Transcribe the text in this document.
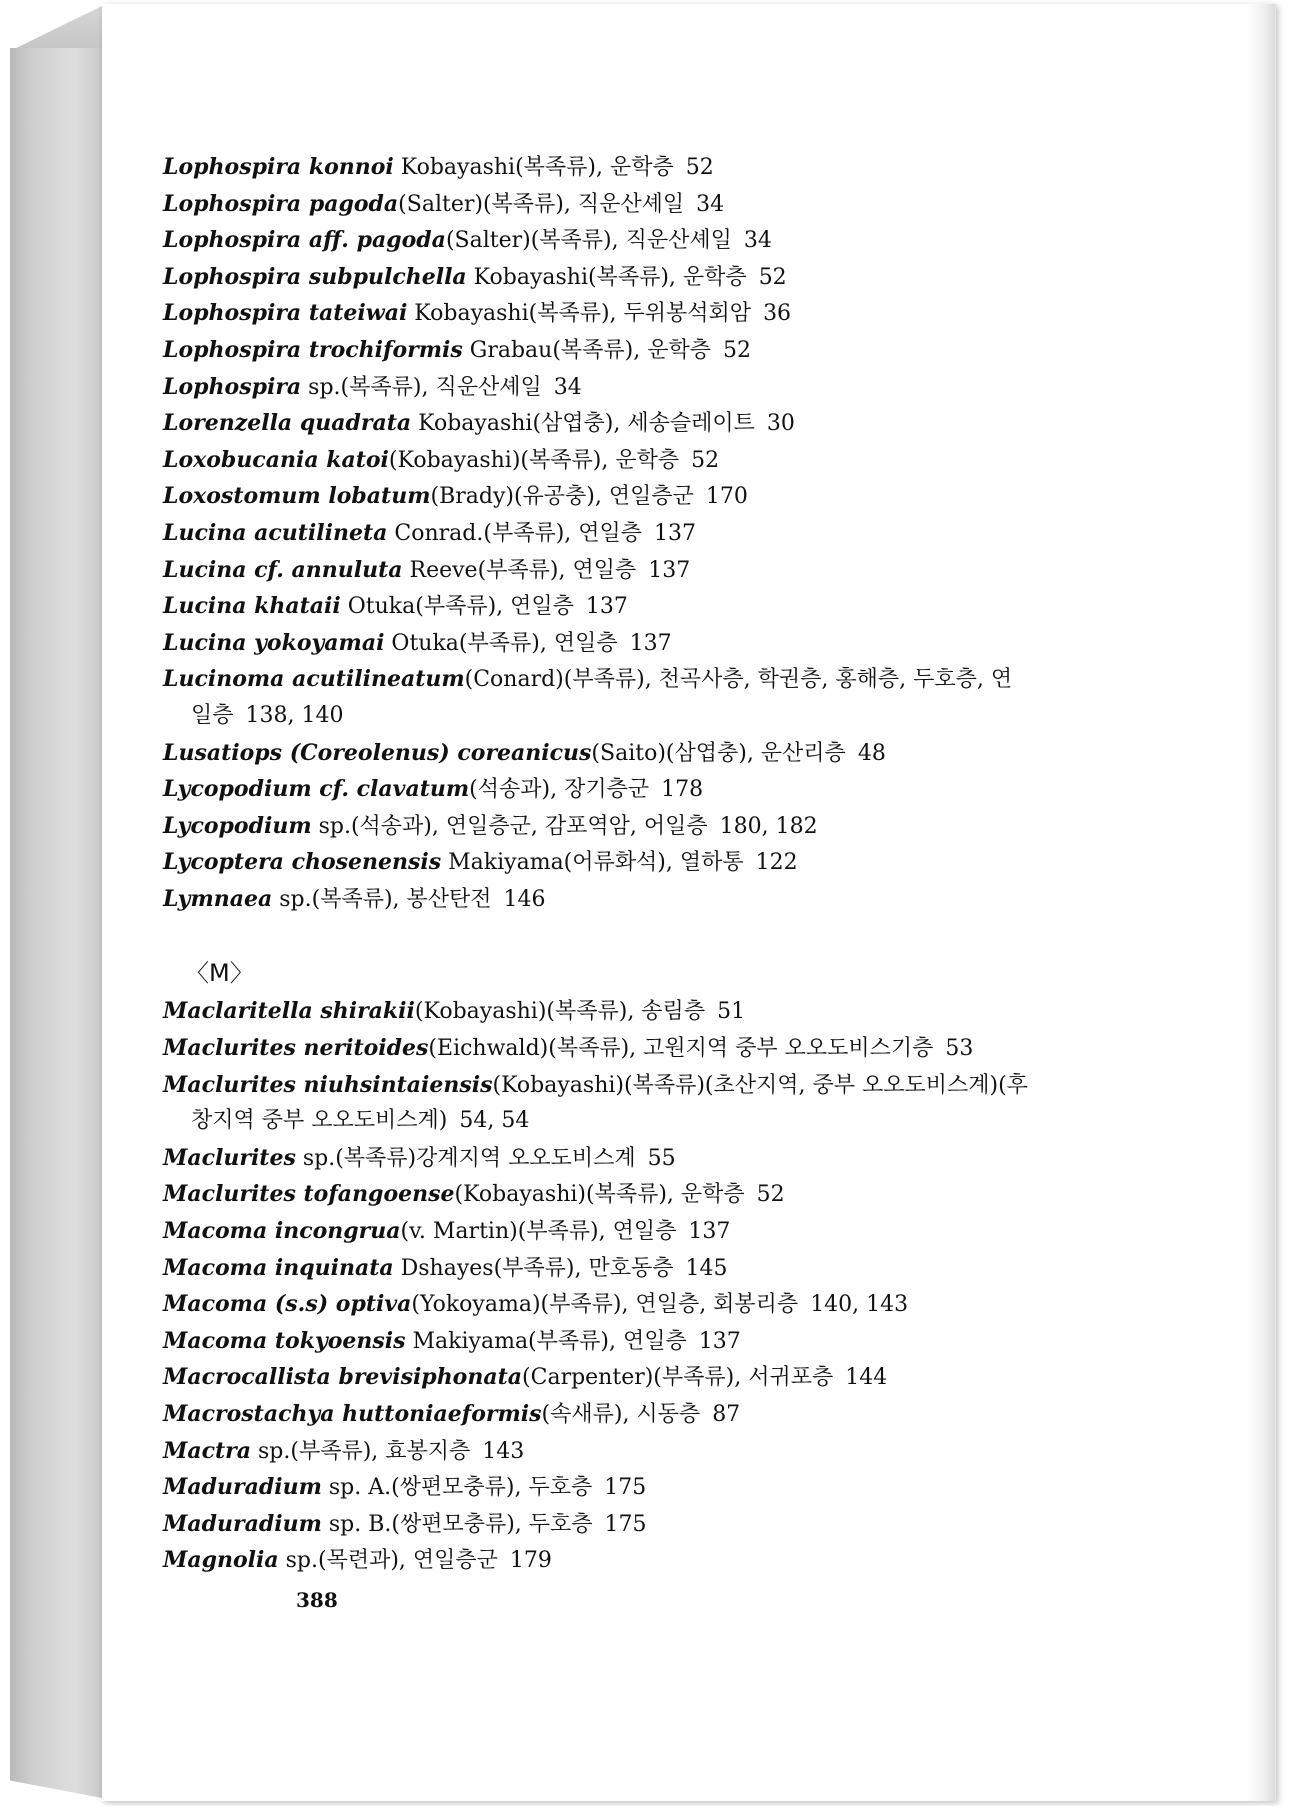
Lophospira konnoi Kobayashi(복족류), 운학층 52
Lophospira pagoda(Salter)(복족류), 직운산셰일 34
Lophospira aff. pagoda(Salter)(복족류), 직운산셰일 34
Lophospira subpulchella Kobayashi(복족류), 운학층 52
Lophospira tateiwai Kobayashi(복족류), 두위봉석회암 36
Lophospira trochiformis Grabau(복족류), 운학층 52
Lophospira sp.(복족류), 직운산셰일 34
Lorenzella quadrata Kobayashi(삼엽충), 세송슬레이트 30
Loxobucania katoi(Kobayashi)(복족류), 운학층 52
Loxostomum lobatum(Brady)(유공충), 연일층군 170
Lucina acutilineta Conrad.(부족류), 연일층 137
Lucina cf. annuluta Reeve(부족류), 연일층 137
Lucina khataii Otuka(부족류), 연일층 137
Lucina yokoyamai Otuka(부족류), 연일층 137
Lucinoma acutilineatum(Conard)(부족류), 천곡사층, 학권층, 홍해층, 두호층, 연
일층 138, 140
Lusatiops (Coreolenus) coreanicus(Saito)(삼엽충), 운산리층 48
Lycopodium cf. clavatum(석송과), 장기층군 178
Lycopodium sp.(석송과), 연일층군, 감포역암, 어일층 180, 182
Lycoptera chosenensis Makiyama(어류화석), 열하통 122
Lymnaea sp.(복족류), 봉산탄전 146
〈M〉
Maclaritella shirakii(Kobayashi)(복족류), 송림층 51
Maclurites neritoides(Eichwald)(복족류), 고원지역 중부 오오도비스기층 53
Maclurites niuhsintaiensis(Kobayashi)(복족류)(초산지역, 중부 오오도비스계)(후
창지역 중부 오오도비스계) 54, 54
Maclurites sp.(복족류)강계지역 오오도비스계 55
Maclurites tofangoense(Kobayashi)(복족류), 운학층 52
Macoma incongrua(v. Martin)(부족류), 연일층 137
Macoma inquinata Dshayes(부족류), 만호동층 145
Macoma (s.s) optiva(Yokoyama)(부족류), 연일층, 회봉리층 140, 143
Macoma tokyoensis Makiyama(부족류), 연일층 137
Macrocallista brevisiphonata(Carpenter)(부족류), 서귀포층 144
Macrostachya huttoniaeformis(속새류), 시동층 87
Mactra sp.(부족류), 효봉지층 143
Maduradium sp. A.(쌍편모충류), 두호층 175
Maduradium sp. B.(쌍편모충류), 두호층 175
Magnolia sp.(목련과), 연일층군 179
388
